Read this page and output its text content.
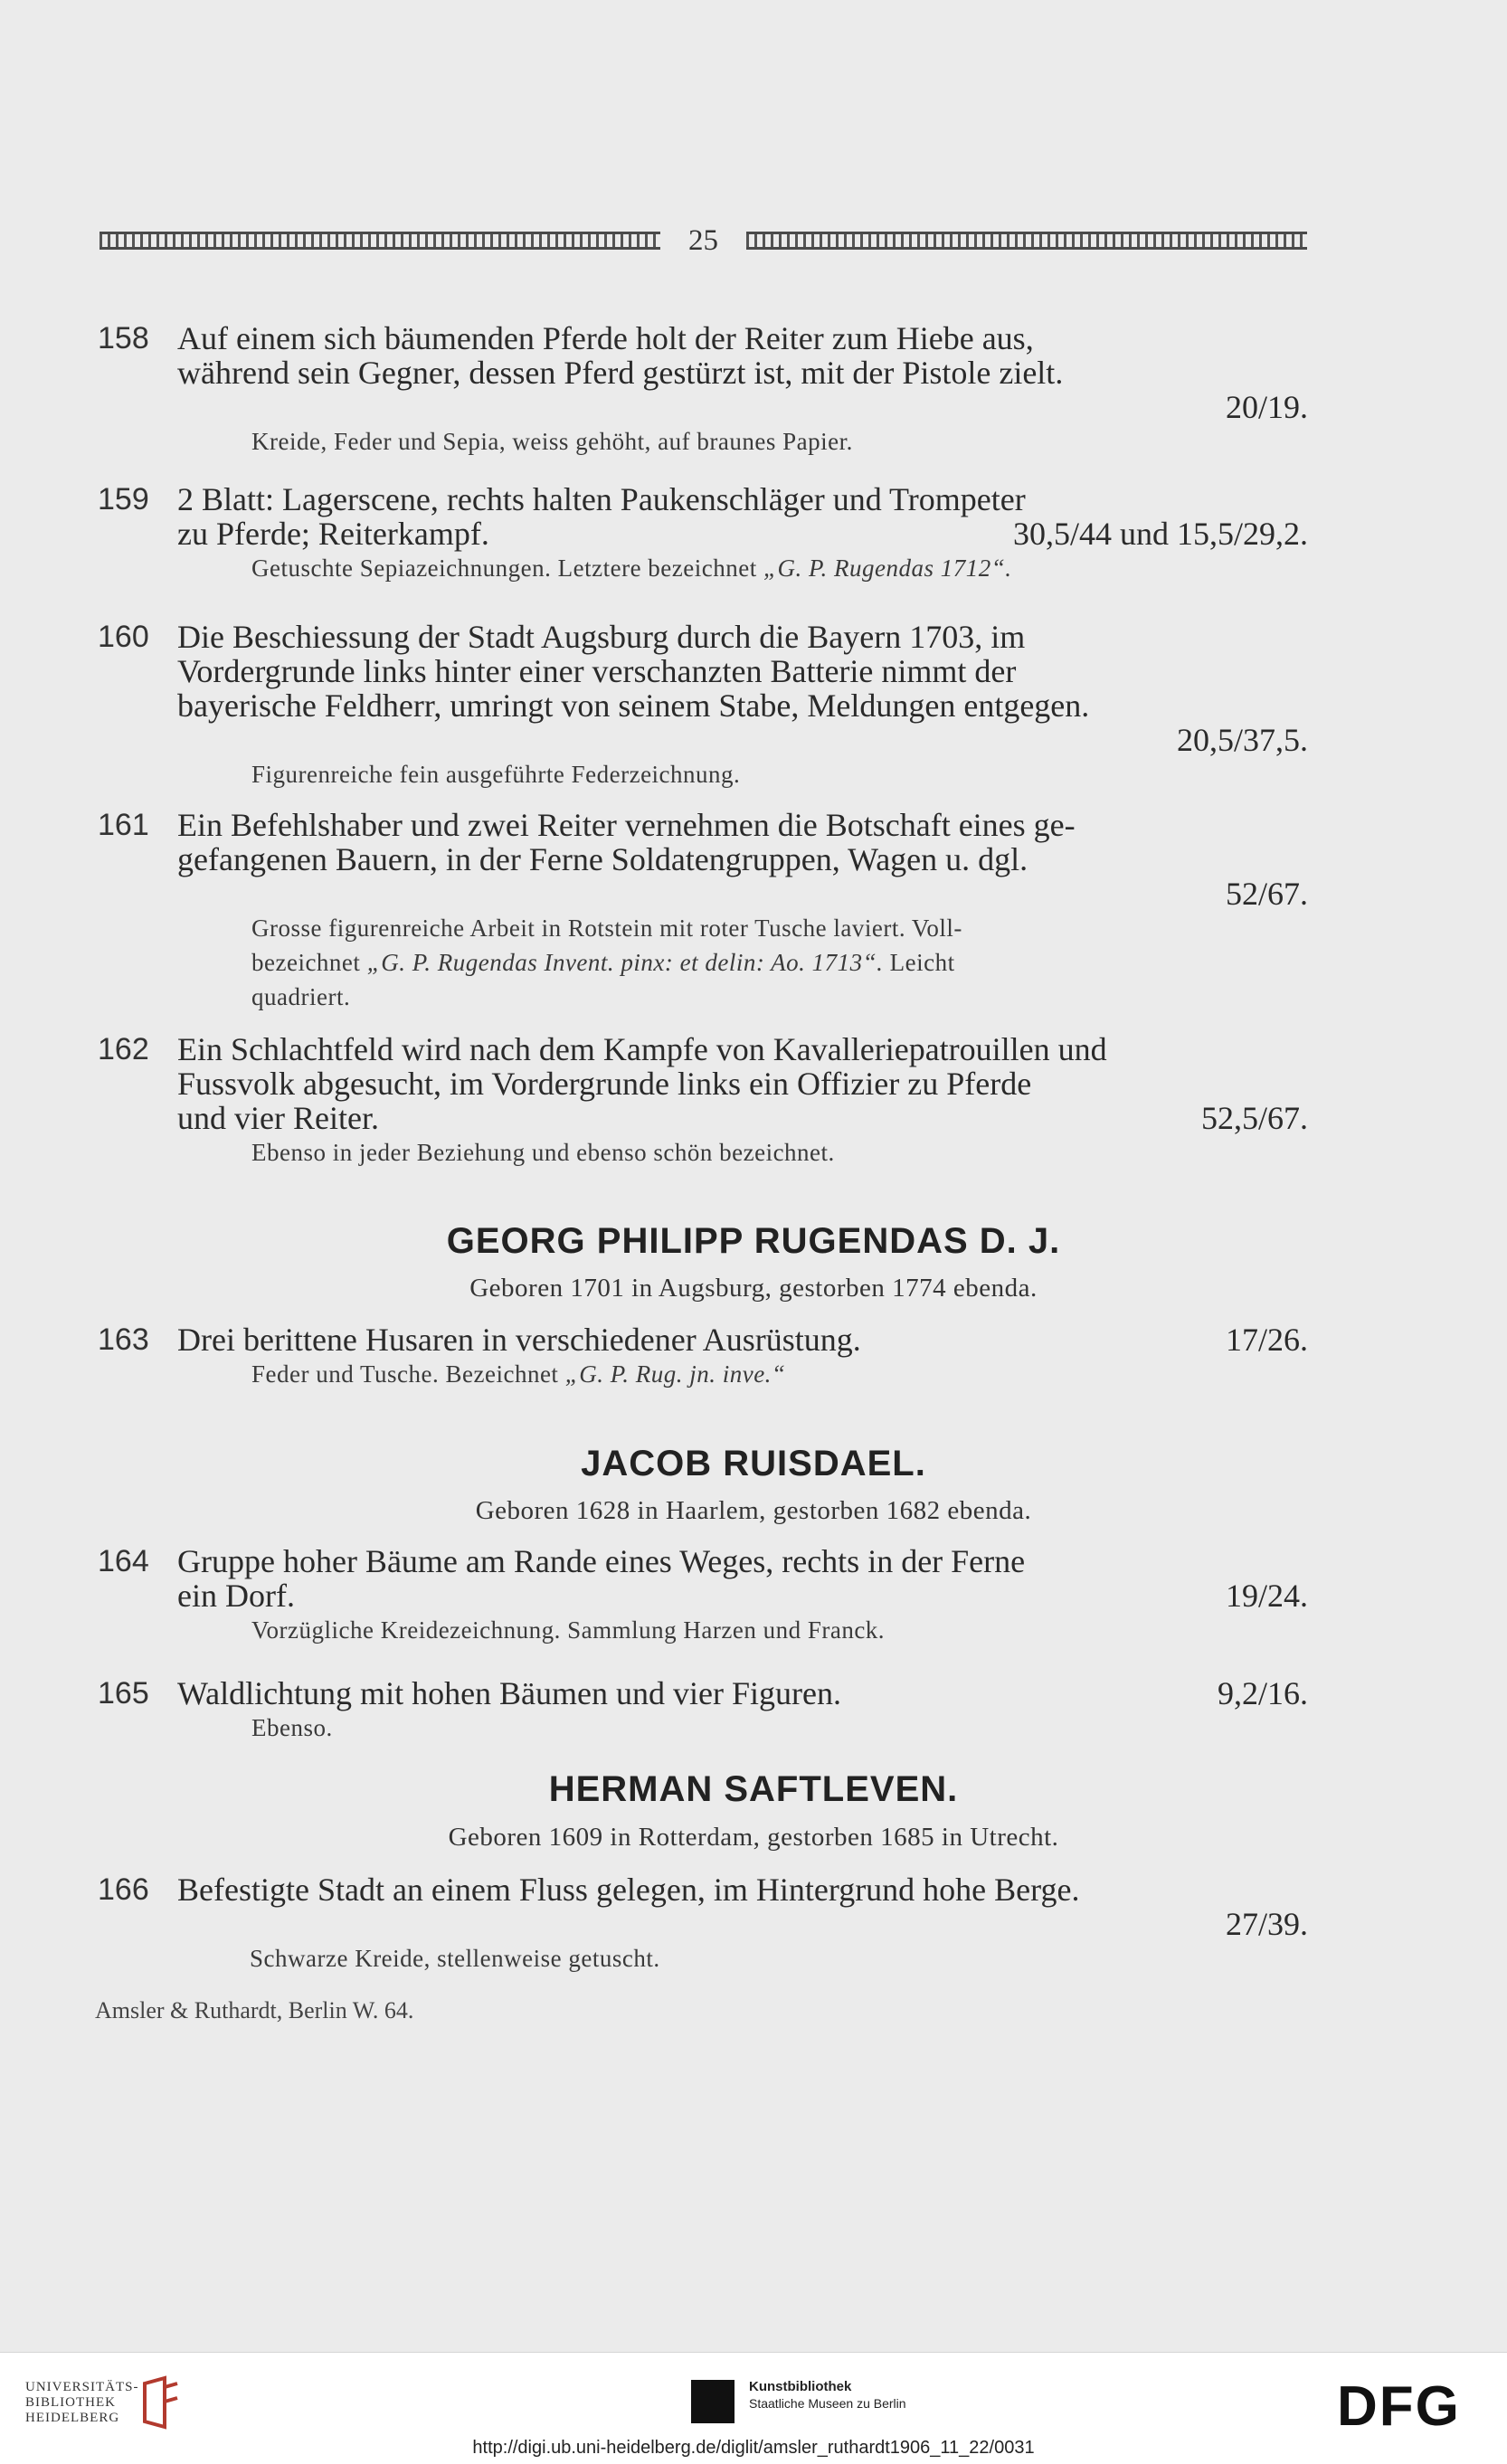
25
158 Auf einem sich bäumenden Pferde holt der Reiter zum Hiebe aus,
während sein Gegner, dessen Pferd gestürzt ist, mit der Pistole zielt.
20/19.
Kreide, Feder und Sepia, weiss gehöht, auf braunes Papier.
159 2 Blatt: Lagerscene, rechts halten Paukenschläger und Trompeter
zu Pferde; Reiterkampf.	30,5/44 und 15,5/29,2.
Getuschte Sepiazeichnungen. Letztere bezeichnet „G. P. Rugendas 1712“.
160 Die Beschiessung der Stadt Augsburg durch die Bayern 1703, im
Vordergrunde links hinter einer verschanzten Batterie nimmt der
bayerische Feldherr, umringt von seinem Stabe, Meldungen entgegen.
20,5/37,5.
Figurenreiche fein ausgeführte Federzeichnung.
161 Ein Befehlshaber und zwei Reiter vernehmen die Botschaft eines ge-
gefangenen Bauern, in der Ferne Soldatengruppen, Wagen u. dgl.
52/67.
Grosse figurenreiche Arbeit in Rotstein mit roter Tusche laviert. Voll-
bezeichnet „G. P. Rugendas Invent. pinx: et delin: Ao. 1713“. Leicht
quadriert.
162 Ein Schlachtfeld wird nach dem Kampfe von Kavalleriepatrouillen und
Fussvolk abgesucht, im Vordergrunde links ein Offizier zu Pferde
und vier Reiter.	52,5/67.
Ebenso in jeder Beziehung und ebenso schön bezeichnet.
GEORG PHILIPP RUGENDAS D. J.
Geboren 1701 in Augsburg, gestorben 1774 ebenda.
163 Drei berittene Husaren in verschiedener Ausrüstung.	17/26.
Feder und Tusche. Bezeichnet „G. P. Rug. jn. inve.“
JACOB RUISDAEL.
Geboren 1628 in Haarlem, gestorben 1682 ebenda.
164 Gruppe hoher Bäume am Rande eines Weges, rechts in der Ferne
ein Dorf.	19/24.
Vorzügliche Kreidezeichnung. Sammlung Harzen und Franck.
165 Waldlichtung mit hohen Bäumen und vier Figuren.	9,2/16.
Ebenso.
HERMAN SAFTLEVEN.
Geboren 1609 in Rotterdam, gestorben 1685 in Utrecht.
166 Befestigte Stadt an einem Fluss gelegen, im Hintergrund hohe Berge.
27/39.
Schwarze Kreide, stellenweise getuscht.
Amsler & Ruthardt, Berlin W. 64.
UNIVERSITÄTS-
BIBLIOTHEK
HEIDELBERG
Kunstbibliothek
Staatliche Museen zu Berlin	DFG
http://digi.ub.uni-heidelberg.de/diglit/amsler_ruthardt1906_11_22/0031
